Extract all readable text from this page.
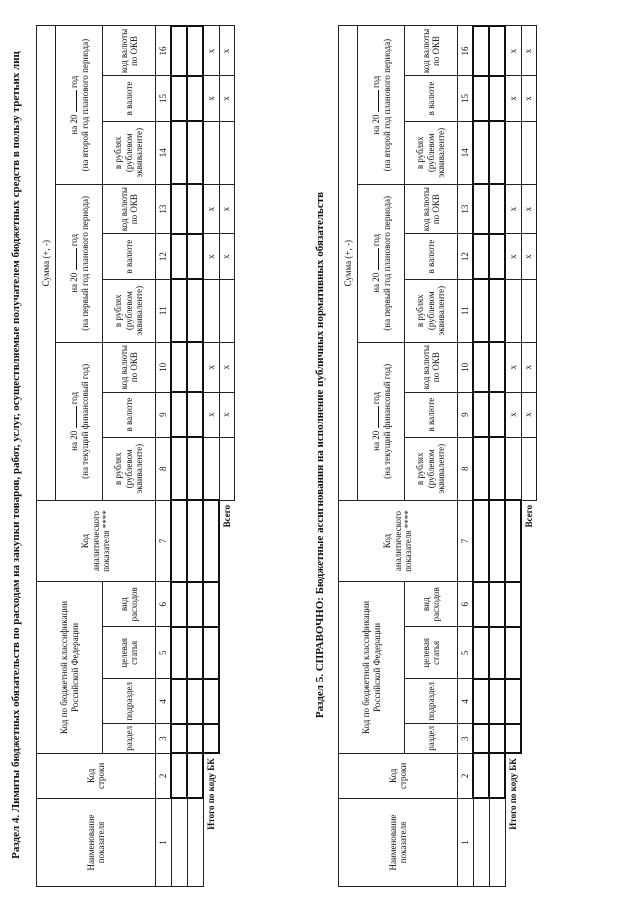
Раздел 4. Лимиты бюджетных обязательств по расходам на закупки товаров, работ, услуг, осуществляемые получателем бюджетных средств в пользу третьих лиц	Наименование показателя	Код строки	Код по бюджетной классификации Российской Федерации				Код аналитического показателя ****	Сумма (+, -)								
							на 20  год
(на текущий финансовый год)			на 20  год
(на первый год планового периода)			на 20  год
(на второй год планового периода)		
		раздел	подраздел	целевая статья	вид расходов		в рублях (рублевом эквиваленте)	в валюте	код валюты по ОКВ	в рублях (рублевом эквиваленте)	в валюте	код валюты по ОКВ	в рублях (рублевом эквиваленте)	в валюте	код валюты по ОКВ
1	2	3	4	5	6	7	8	9	10	11	12	13	14	15	16

Итого по коду БК								x	x		x	x		x	x
						Всего		x	x		x	x		x	x
Раздел 5. СПРАВОЧНО: Бюджетные ассигнования на исполнение публичных нормативных обязательств
Наименование показателя	Код строки	Код по бюджетной классификации Российской Федерации				Код аналитического показателя ****	Сумма (+, -)								
							на 20  год
(на текущий финансовый год)			на 20  год
(на первый год планового периода)			на 20  год
(на второй год планового периода)		
		раздел	подраздел	целевая статья	вид расходов		в рублях (рублевом эквиваленте)	в валюте	код валюты по ОКВ	в рублях (рублевом эквиваленте)	в валюте	код валюты по ОКВ	в рублях (рублевом эквиваленте)	в валюте	код валюты по ОКВ
1	2	3	4	5	6	7	8	9	10	11	12	13	14	15	16

Итого по коду БК								x	x		x	x		x	x
						Всего		x	x		x	x		x	x
